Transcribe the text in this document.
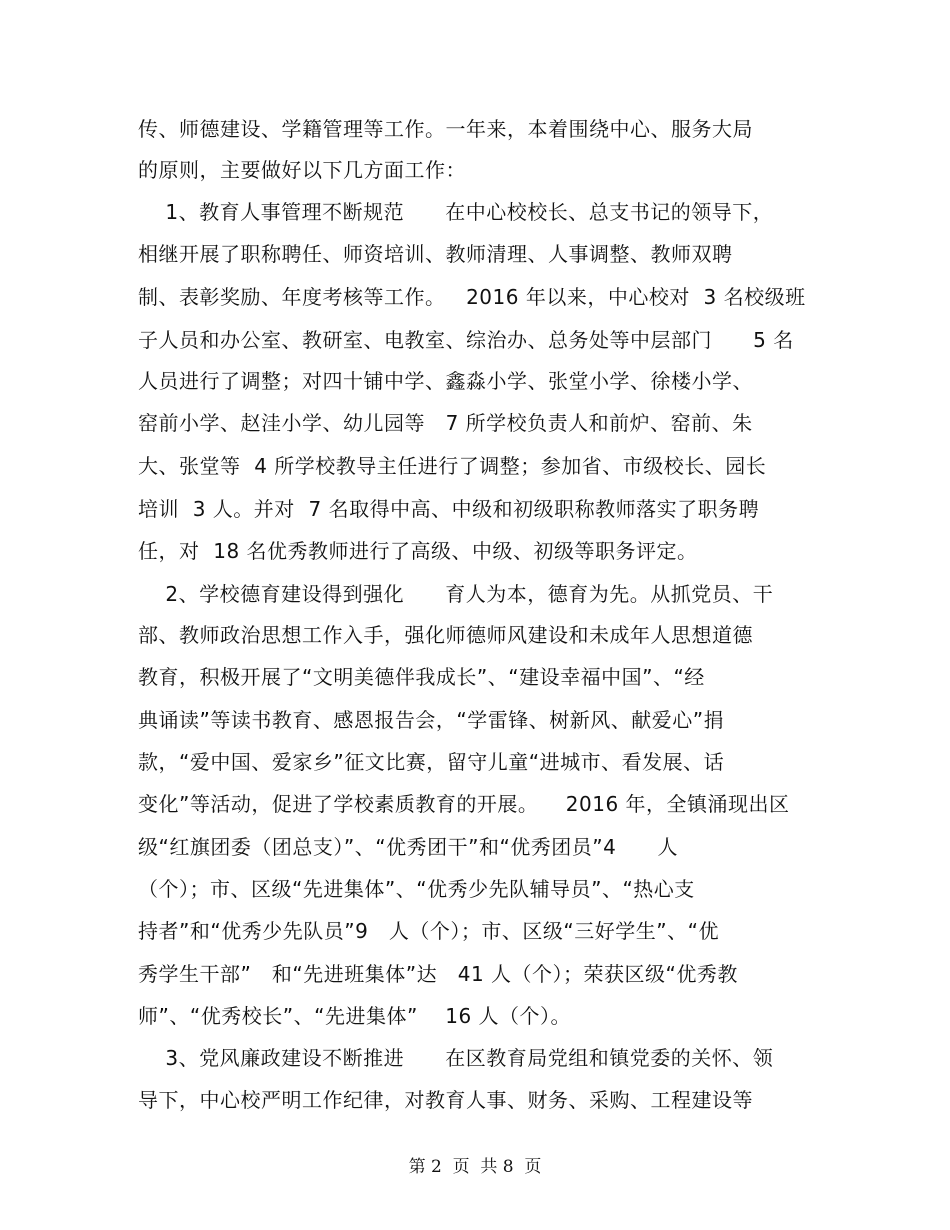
传、师德建设、学籍管理等工作。一年来，本着围绕中心、服务大局
的原则，主要做好以下几方面工作：
1、教育人事管理不断规范      在中心校校长、总支书记的领导下，
相继开展了职称聘任、师资培训、教师清理、人事调整、教师双聘
制、表彰奖励、年度考核等工作。   2016 年以来，中心校对  3 名校级班
子人员和办公室、教研室、电教室、综治办、总务处等中层部门      5 名
人员进行了调整；对四十铺中学、鑫淼小学、张堂小学、徐楼小学、
窑前小学、赵洼小学、幼儿园等   7 所学校负责人和前炉、窑前、朱
大、张堂等  4 所学校教导主任进行了调整；参加省、市级校长、园长
培训  3 人。并对  7 名取得中高、中级和初级职称教师落实了职务聘
任，对  18 名优秀教师进行了高级、中级、初级等职务评定。
2、学校德育建设得到强化      育人为本，德育为先。从抓党员、干
部、教师政治思想工作入手，强化师德师风建设和未成年人思想道德
教育，积极开展了“文明美德伴我成长”、“建设幸福中国”、“经
典诵读”等读书教育、感恩报告会，“学雷锋、树新风、献爱心”捐
款，“爱中国、爱家乡”征文比赛，留守儿童“进城市、看发展、话
变化”等活动，促进了学校素质教育的开展。    2016 年，全镇涌现出区
级“红旗团委（团总支）”、“优秀团干”和“优秀团员”4      人
（个）；市、区级“先进集体”、“优秀少先队辅导员”、“热心支
持者”和“优秀少先队员”9   人（个）；市、区级“三好学生”、“优
秀学生干部”   和“先进班集体”达   41 人（个）；荣获区级“优秀教
师”、“优秀校长”、“先进集体”    16 人（个）。
3、党风廉政建设不断推进      在区教育局党组和镇党委的关怀、领
导下，中心校严明工作纪律，对教育人事、财务、采购、工程建设等
第 2  页  共 8  页
